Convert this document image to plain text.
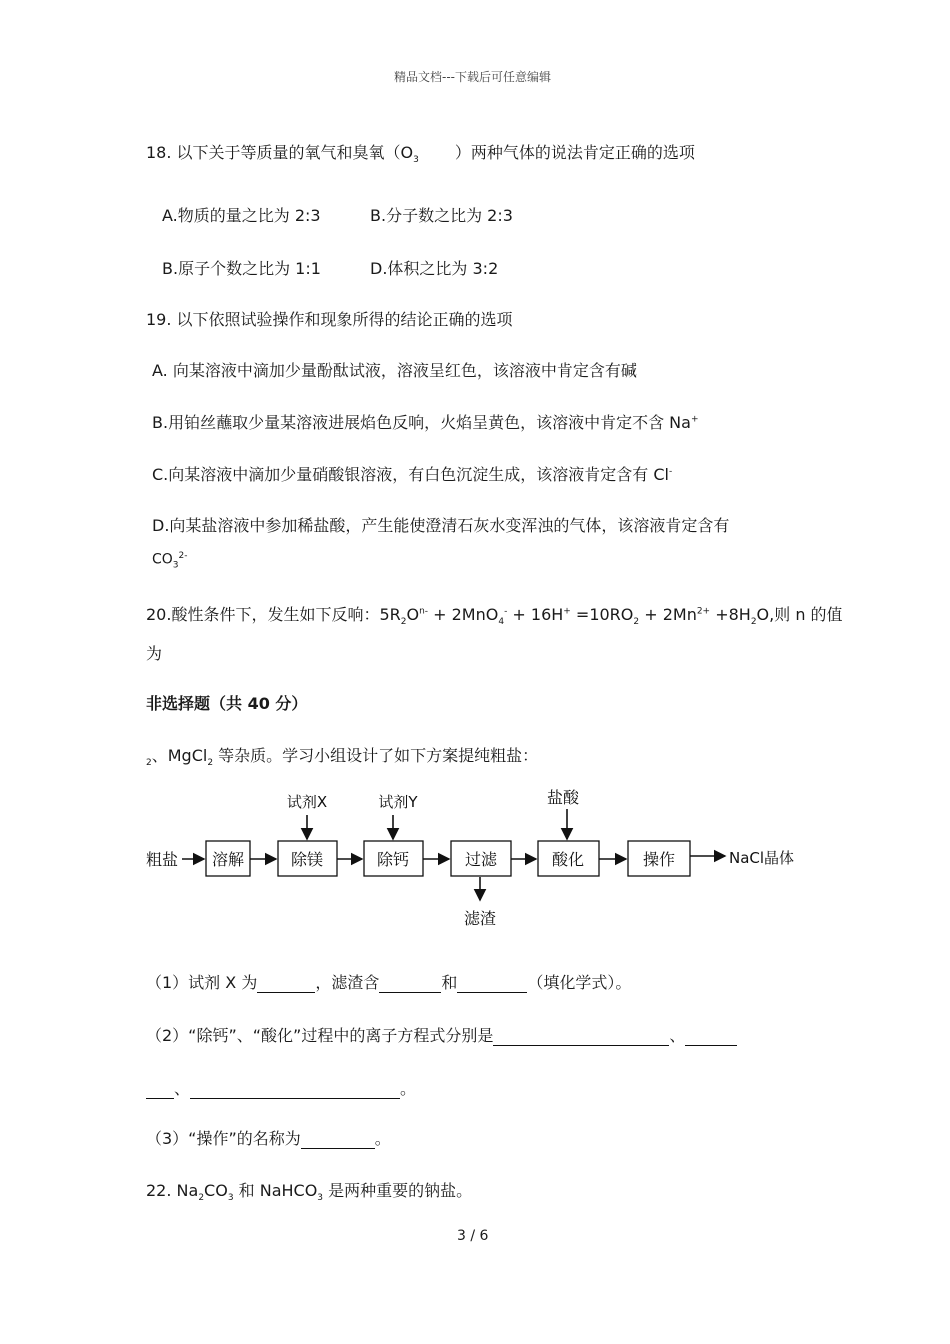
精品文档---下载后可任意编辑
18. 以下关于等质量的氧气和臭氧（$O_3$ ）两种气体的说法肯定正确的选项
A.物质的量之比为 2:3	B.分子数之比为 2:3
B.原子个数之比为 1:1	D.体积之比为 3:2
19. 以下依照试验操作和现象所得的结论正确的选项
A. 向某溶液中滴加少量酚酞试液，溶液呈红色，该溶液中肯定含有碱
B.用铂丝蘸取少量某溶液进展焰色反响，火焰呈黄色，该溶液中肯定不含 Na+
C.向某溶液中滴加少量硝酸银溶液，有白色沉淀生成，该溶液肯定含有 Cl-
D.向某盐溶液中参加稀盐酸，产生能使澄清石灰水变浑浊的气体，该溶液肯定含有
$CO_3^{2-}$
20.酸性条件下，发生如下反响：$5R_2O^{n-} + 2MnO_4^- + 16H^+ =10RO_2 + 2Mn^{2+} +8H_2O$,则 n 的值
为
非选择题（共 40 分）
$_2$、MgCl$_2$ 等杂质。学习小组设计了如下方案提纯粗盐：
粗盐 溶解	除镁	除钙	过滤	酸化	操作
试剂X	试剂Y	盐酸
滤渣
NaCl晶体
（1）试剂 X 为	，滤渣含	和	（填化学式）。
（2）“除钙”、“酸化”过程中的离子方程式分别是	、
、	。
（3）“操作”的名称为	。
22. $Na_2CO_3$ 和 NaHCO$_3$ 是两种重要的钠盐。
3 / 6
